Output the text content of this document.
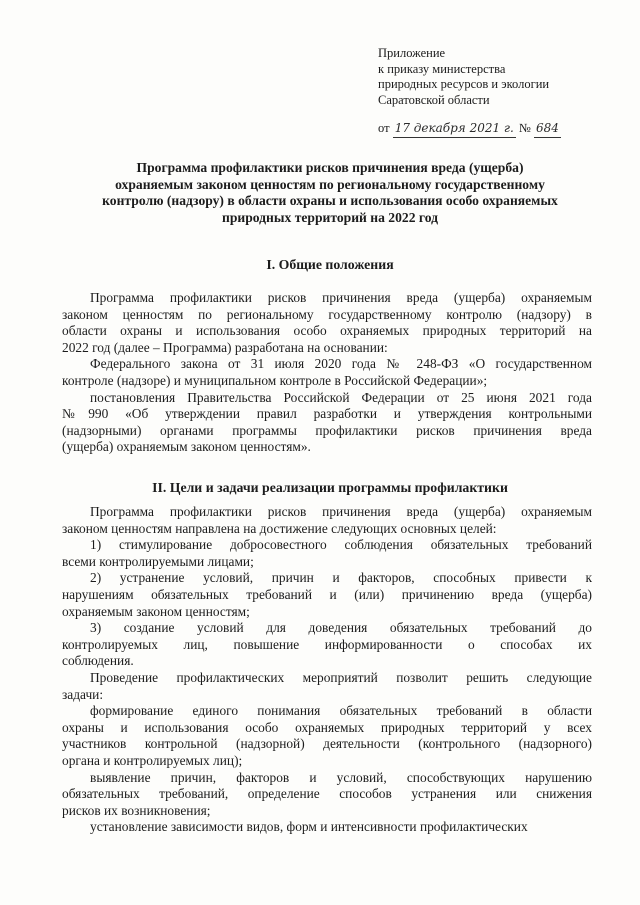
Приложение
к приказу министерства
природных ресурсов и экологии
Саратовской области
от 17 декабря 2021 г. № 684
Программа профилактики рисков причинения вреда (ущерба)
охраняемым законом ценностям по региональному государственному
контролю (надзору) в области охраны и использования особо охраняемых
природных территорий на 2022 год
I. Общие положения

Программа профилактики рисков причинения вреда (ущерба) охраняемым
законом ценностям по региональному государственному контролю (надзору) в
области охраны и использования особо охраняемых природных территорий на
2022 год (далее – Программа) разработана на основании:

Федерального закона от 31 июля 2020 года № 248-ФЗ «О государственном
контроле (надзоре) и муниципальном контроле в Российской Федерации»;

постановления Правительства Российской Федерации от 25 июня 2021 года
№990 «Об утверждении правил разработки и утверждения контрольными
(надзорными) органами программы профилактики рисков причинения вреда
(ущерба) охраняемым законом ценностям».

II. Цели и задачи реализации программы профилактики

Программа профилактики рисков причинения вреда (ущерба) охраняемым
законом ценностям направлена на достижение следующих основных целей:

1) стимулирование добросовестного соблюдения обязательных требований
всеми контролируемыми лицами;

2) устранение условий, причин и факторов, способных привести к
нарушениям обязательных требований и (или) причинению вреда (ущерба)
охраняемым законом ценностям;

3) создание условий для доведения обязательных требований до
контролируемых лиц, повышение информированности о способах их
соблюдения.

Проведение профилактических мероприятий позволит решить следующие
задачи:

формирование единого понимания обязательных требований в области
охраны и использования особо охраняемых природных территорий у всех
участников контрольной (надзорной) деятельности (контрольного (надзорного)
органа и контролируемых лиц);

выявление причин, факторов и условий, способствующих нарушению
обязательных требований, определение способов устранения или снижения
рисков их возникновения;

установление зависимости видов, форм и интенсивности профилактических
